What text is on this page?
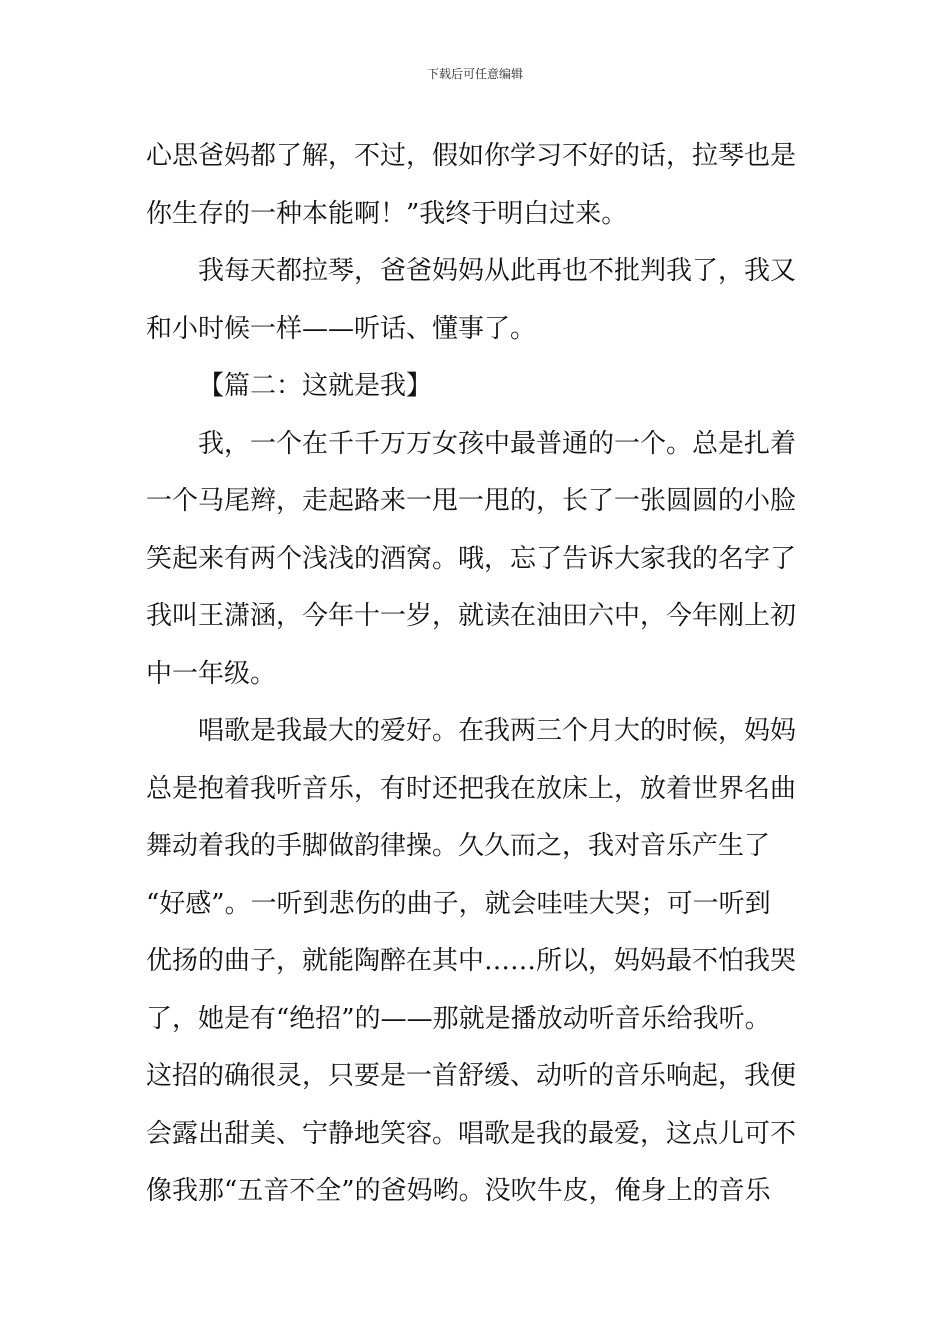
下载后可任意编辑
心思爸妈都了解，不过，假如你学习不好的话，拉琴也是
你生存的一种本能啊！”我终于明白过来。
我每天都拉琴，爸爸妈妈从此再也不批判我了，我又
和小时候一样——听话、懂事了。
【篇二：这就是我】
我，一个在千千万万女孩中最普通的一个。总是扎着
一个马尾辫，走起路来一甩一甩的，长了一张圆圆的小脸
笑起来有两个浅浅的酒窝。哦，忘了告诉大家我的名字了
我叫王潇涵，今年十一岁，就读在油田六中，今年刚上初
中一年级。
唱歌是我最大的爱好。在我两三个月大的时候，妈妈
总是抱着我听音乐，有时还把我在放床上，放着世界名曲
舞动着我的手脚做韵律操。久久而之，我对音乐产生了
“好感”。一听到悲伤的曲子，就会哇哇大哭；可一听到
优扬的曲子，就能陶醉在其中……所以，妈妈最不怕我哭
了，她是有“绝招”的——那就是播放动听音乐给我听。
这招的确很灵，只要是一首舒缓、动听的音乐响起，我便
会露出甜美、宁静地笑容。唱歌是我的最爱，这点儿可不
像我那“五音不全”的爸妈哟。没吹牛皮，俺身上的音乐
